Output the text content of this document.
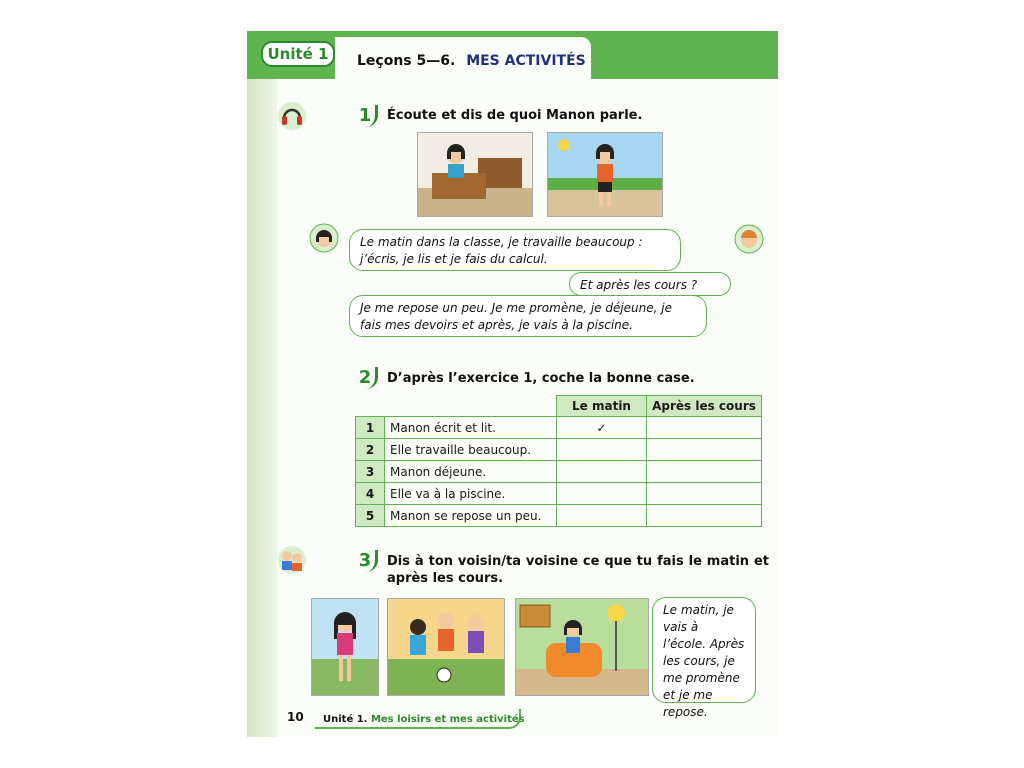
Unité 1	Leçons 5—6. MES ACTIVITÉS
1	Écoute et dis de quoi Manon parle.
Le matin dans la classe, je travaille beaucoup : j’écris, je lis et je fais du calcul.
Et après les cours ?
Je me repose un peu. Je me promène, je déjeune, je fais mes devoirs et après, je vais à la piscine.
2	D’après l’exercice 1, coche la bonne case.
		Le matin	Après les cours
1	Manon écrit et lit.	✓	
2	Elle travaille beaucoup.		
3	Manon déjeune.		
4	Elle va à la piscine.		
5	Manon se repose un peu.		
3	Dis à ton voisin/ta voisine ce que tu fais le matin et après les cours.
Le matin, je vais à l’école. Après les cours, je me promène et je me repose.
10 Unité 1. Mes loisirs et mes activités
